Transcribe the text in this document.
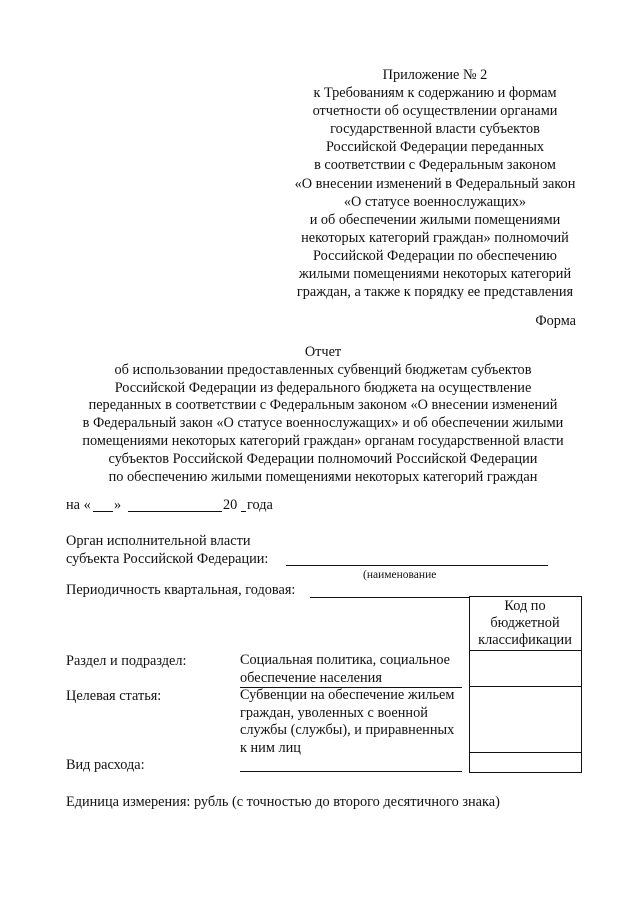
Приложение № 2
к Требованиям к содержанию и формам
отчетности об осуществлении органами
государственной власти субъектов
Российской Федерации переданных
в соответствии с Федеральным законом
«О внесении изменений в Федеральный закон
«О статусе военнослужащих»
и об обеспечении жилыми помещениями
некоторых категорий граждан» полномочий
Российской Федерации по обеспечению
жилыми помещениями некоторых категорий
граждан, а также к порядку ее представления
Форма
Отчет
об использовании предоставленных субвенций бюджетам субъектов
Российской Федерации из федерального бюджета на осуществление
переданных в соответствии с Федеральным законом «О внесении изменений
в Федеральный закон «О статусе военнослужащих» и об обеспечении жилыми
помещениями некоторых категорий граждан» органам государственной власти
субъектов Российской Федерации полномочий Российской Федерации
по обеспечению жилыми помещениями некоторых категорий граждан
на « »	20 года
Орган исполнительной власти
субъекта Российской Федерации:
(наименование
Периодичность квартальная, годовая:
Код по
бюджетной
классификации
Раздел и подраздел:	Социальная политика, социальное
обеспечение населения
Целевая статья:	Субвенции на обеспечение жильем
граждан, уволенных с военной
службы (службы), и приравненных
к ним лиц
Вид расхода:
Единица измерения: рубль (с точностью до второго десятичного знака)
